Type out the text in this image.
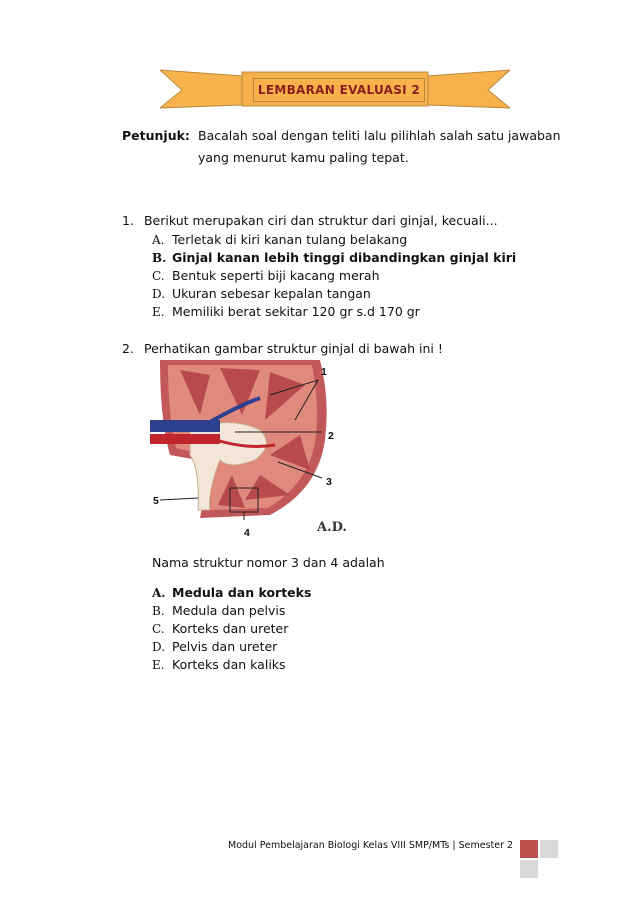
LEMBARAN EVALUASI 2
Petunjuk: Bacalah soal dengan teliti lalu pilihlah salah satu jawaban
yang menurut kamu paling tepat.
1. Berikut merupakan ciri dan struktur dari ginjal, kecuali...
A. Terletak di kiri kanan tulang belakang
B. Ginjal kanan lebih tinggi dibandingkan ginjal kiri
C. Bentuk seperti biji kacang merah
D. Ukuran sebesar kepalan tangan
E. Memiliki berat sekitar 120 gr s.d 170 gr
2. Perhatikan gambar struktur ginjal di bawah ini !
1
2
3
4
5
A.D.
Nama struktur nomor 3 dan 4 adalah
A. Medula dan korteks
B. Medula dan pelvis
C. Korteks dan ureter
D. Pelvis dan ureter
E. Korteks dan kaliks
Modul Pembelajaran Biologi Kelas VIII SMP/MTs | Semester 2
